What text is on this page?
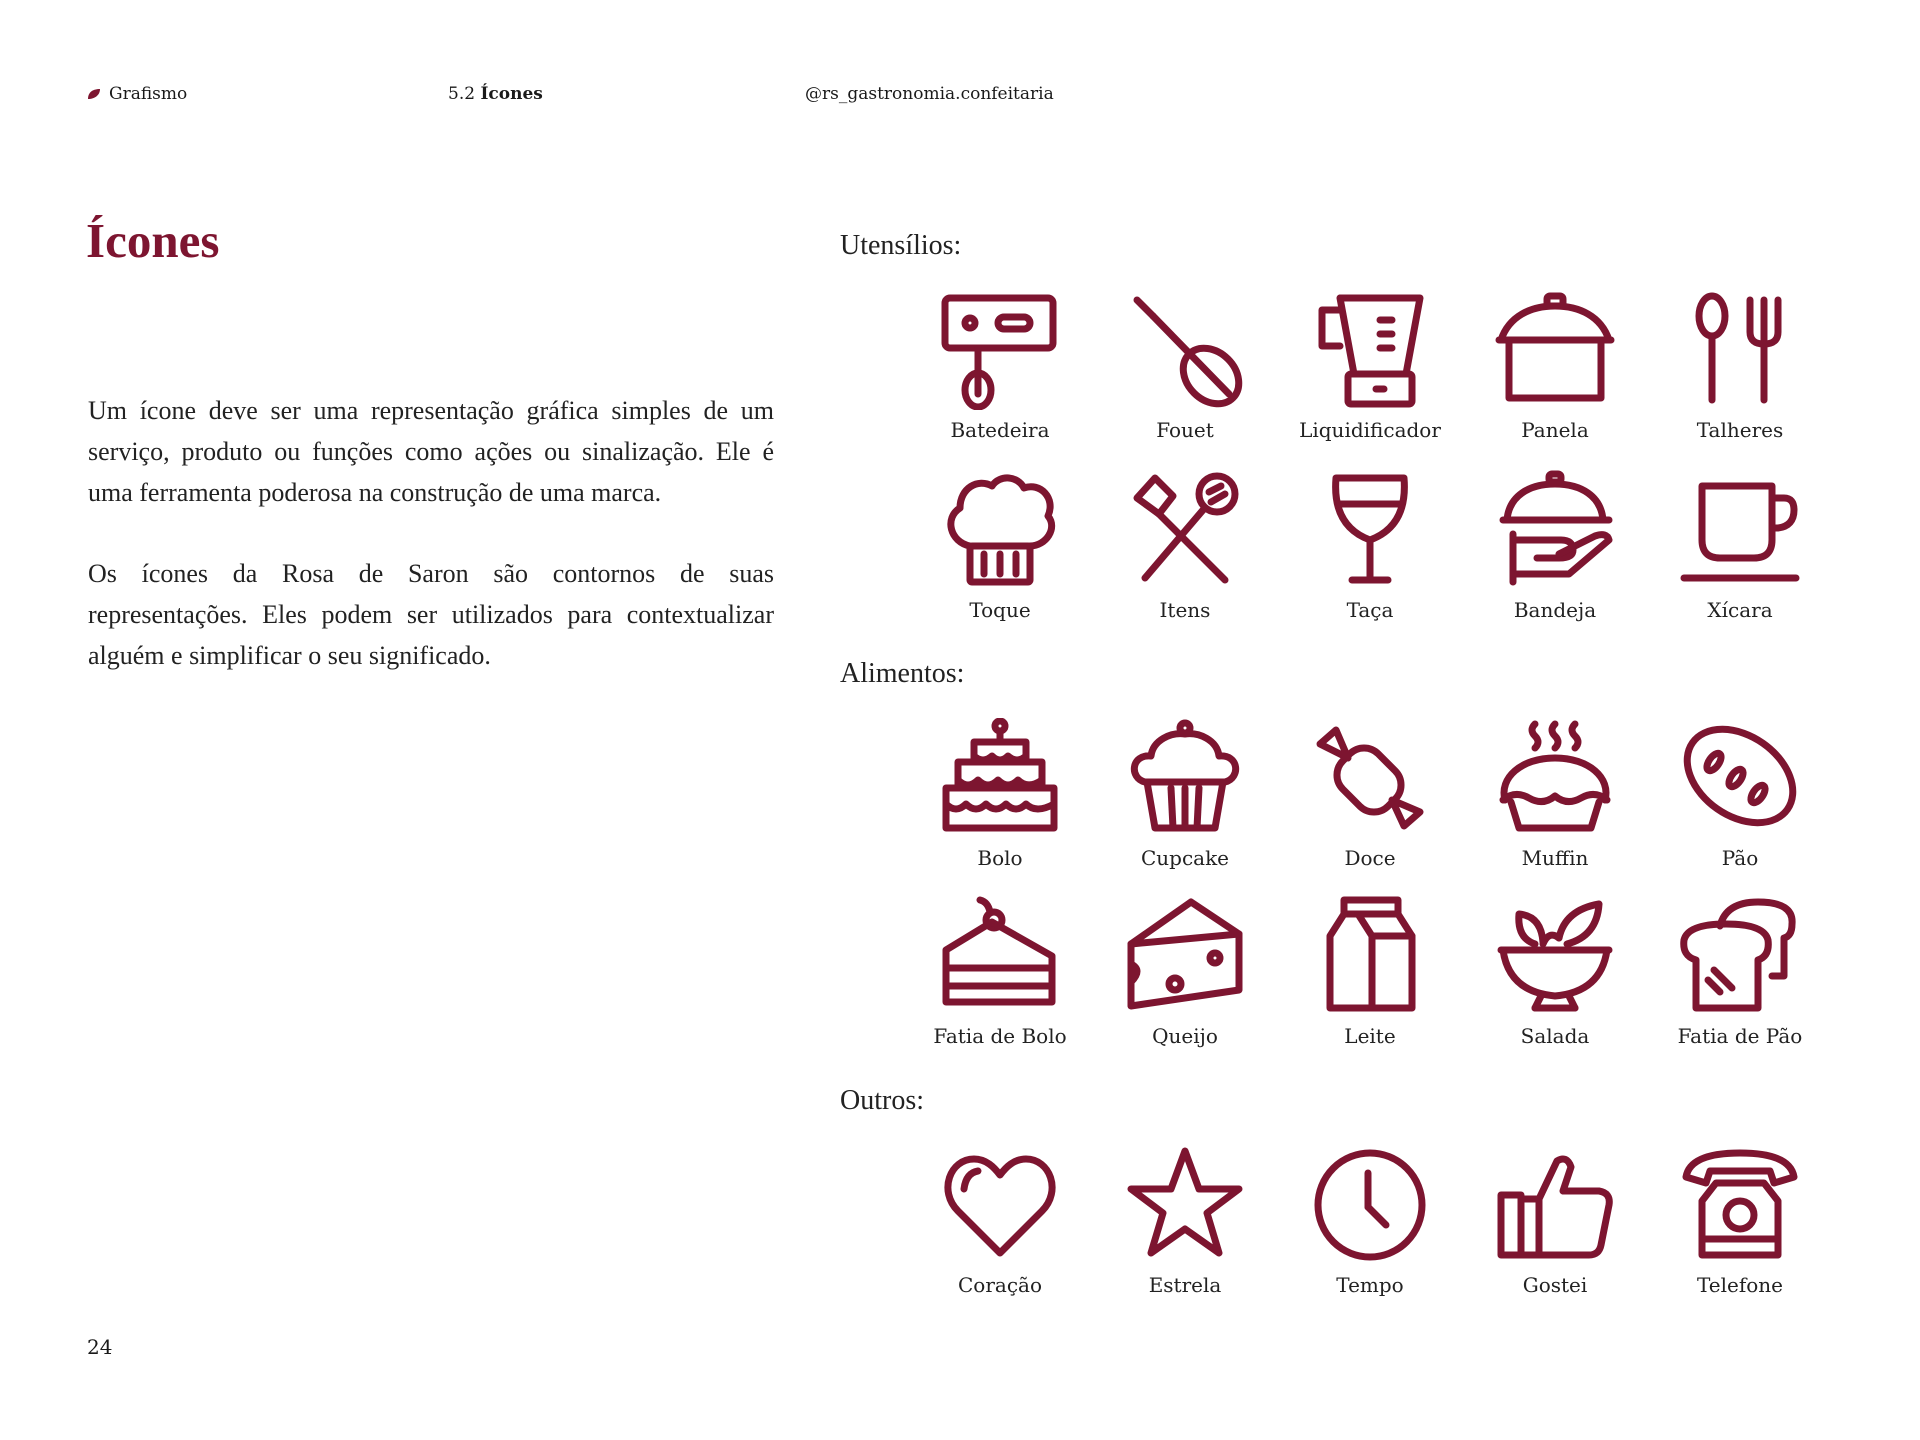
Grafismo	5.2 Ícones	@rs_gastronomia.confeitaria
Ícones

Um ícone deve ser uma representação gráfica simples de um serviço, produto ou funções como ações ou sinalização. Ele é uma ferramenta poderosa na construção de uma marca.

Os ícones da Rosa de Saron são contornos de suas representações. Eles podem ser utilizados para contextualizar alguém e simplificar o seu significado.

Utensílios:
Batedeira	Fouet	Liquidificador	Panela	Talheres
Toque	Itens	Taça	Bandeja	Xícara
Alimentos:
Bolo	Cupcake	Doce	Muffin	Pão
Fatia de Bolo	Queijo	Leite	Salada	Fatia de Pão
Outros:
Coração	Estrela	Tempo	Gostei	Telefone
24
